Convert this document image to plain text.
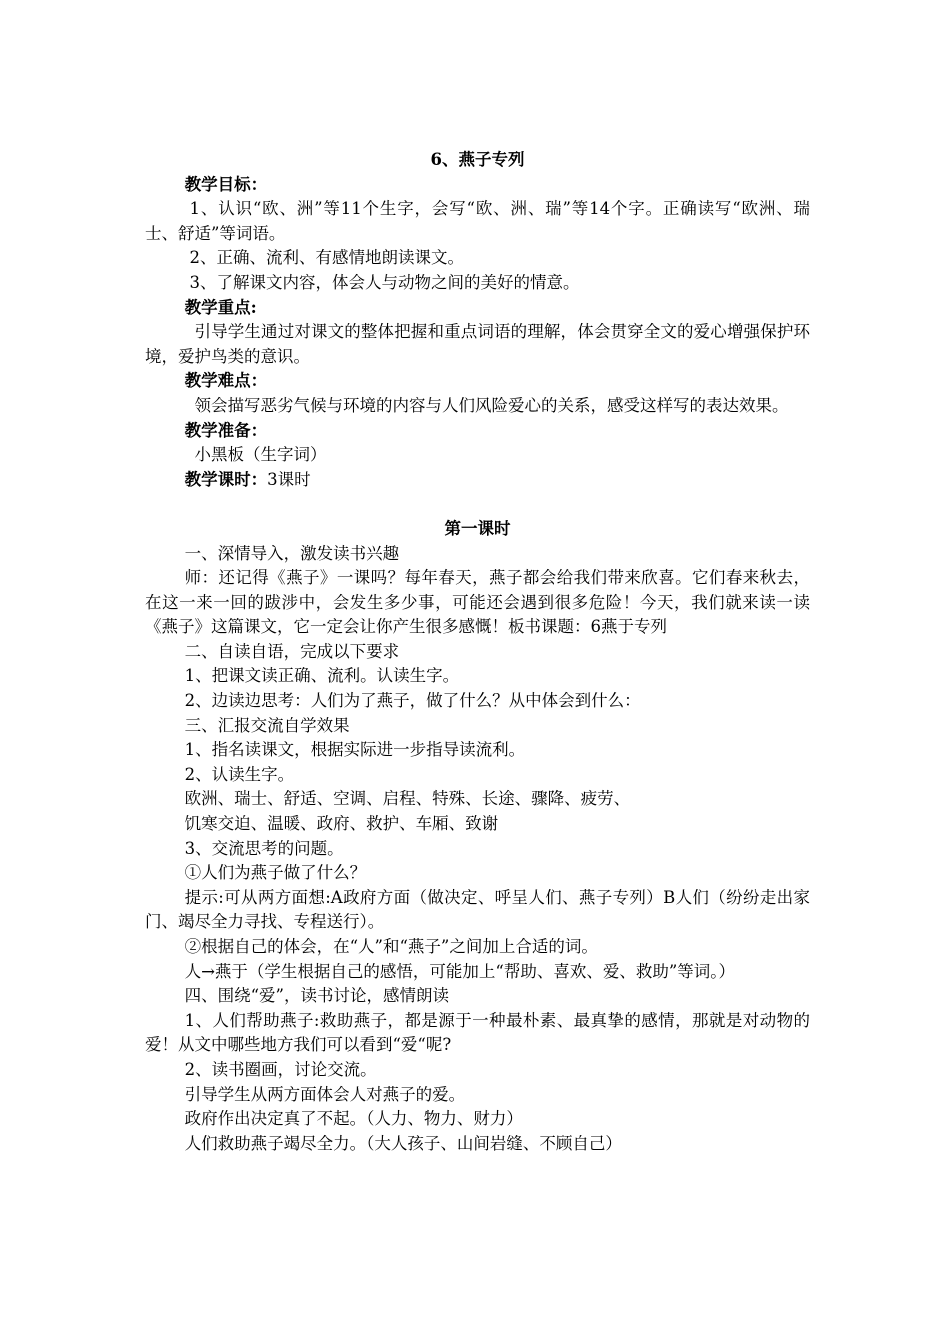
6、燕子专列

教学目标：

1、认识“欧、洲”等11个生字，会写“欧、洲、瑞”等14个字。正确读写“欧洲、瑞士、舒适”等词语。

2、正确、流利、有感情地朗读课文。

3、了解课文内容，体会人与动物之间的美好的情意。

教学重点:

引导学生通过对课文的整体把握和重点词语的理解，体会贯穿全文的爱心增强保护环境，爱护鸟类的意识。

教学难点：

领会描写恶劣气候与环境的内容与人们风险爱心的关系，感受这样写的表达效果。

教学准备：

小黑板（生字词）

教学课时：3课时

第一课时

一、深情导入，激发读书兴趣

师：还记得《燕子》一课吗？每年春天，燕子都会给我们带来欣喜。它们春来秋去，在这一来一回的跋涉中，会发生多少事，可能还会遇到很多危险！今天，我们就来读一读《燕子》这篇课文，它一定会让你产生很多感慨！板书课题：6燕于专列

二、自读自语，完成以下要求

1、把课文读正确、流利。认读生字。

2、边读边思考：人们为了燕子，做了什么？从中体会到什么：

三、汇报交流自学效果

1、指名读课文，根据实际进一步指导读流利。

2、认读生字。

欧洲、瑞士、舒适、空调、启程、特殊、长途、骤降、疲劳、

饥寒交迫、温暖、政府、救护、车厢、致谢

3、交流思考的问题。

①人们为燕子做了什么？

提示:可从两方面想:A政府方面（做决定、呼呈人们、燕子专列）B人们（纷纷走出家门、竭尽全力寻找、专程送行）。

②根据自己的体会，在“人”和“燕子”之间加上合适的词。

人→燕于（学生根据自己的感悟，可能加上“帮助、喜欢、爱、救助”等词。）

四、围绕“爱”，读书讨论，感情朗读

1、人们帮助燕子:救助燕子，都是源于一种最朴素、最真挚的感情，那就是对动物的爱！从文中哪些地方我们可以看到“爱“呢?

2、读书圈画，讨论交流。

引导学生从两方面体会人对燕子的爱。

政府作出决定真了不起。（人力、物力、财力）

人们救助燕子竭尽全力。（大人孩子、山间岩缝、不顾自己）
